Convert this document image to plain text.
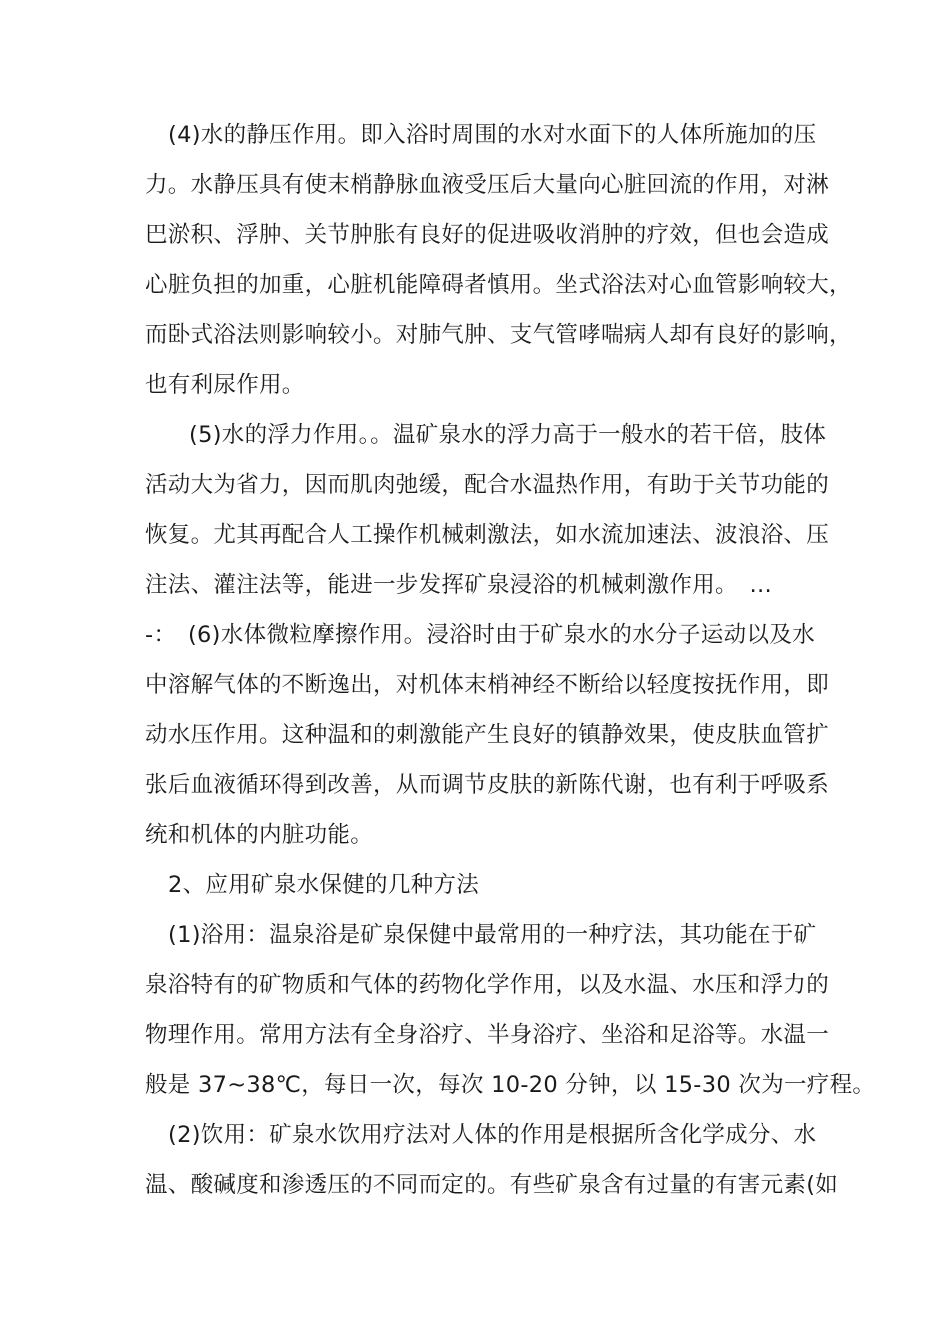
(4)水的静压作用。即入浴时周围的水对水面下的人体所施加的压
力。水静压具有使末梢静脉血液受压后大量向心脏回流的作用，对淋
巴淤积、浮肿、关节肿胀有良好的促进吸收消肿的疗效，但也会造成
心脏负担的加重，心脏机能障碍者慎用。坐式浴法对心血管影响较大，
而卧式浴法则影响较小。对肺气肿、支气管哮喘病人却有良好的影响，
也有利尿作用。
(5)水的浮力作用。。温矿泉水的浮力高于一般水的若干倍，肢体
活动大为省力，因而肌肉弛缓，配合水温热作用，有助于关节功能的
恢复。尤其再配合人工操作机械刺激法，如水流加速法、波浪浴、压
注法、灌注法等，能进一步发挥矿泉浸浴的机械刺激作用。　…
-：　(6)水体微粒摩擦作用。浸浴时由于矿泉水的水分子运动以及水
中溶解气体的不断逸出，对机体末梢神经不断给以轻度按抚作用，即
动水压作用。这种温和的刺激能产生良好的镇静效果，使皮肤血管扩
张后血液循环得到改善，从而调节皮肤的新陈代谢，也有利于呼吸系
统和机体的内脏功能。
2、应用矿泉水保健的几种方法
(1)浴用：温泉浴是矿泉保健中最常用的一种疗法，其功能在于矿
泉浴特有的矿物质和气体的药物化学作用，以及水温、水压和浮力的
物理作用。常用方法有全身浴疗、半身浴疗、坐浴和足浴等。水温一
般是 37~38℃，每日一次，每次 10-20 分钟，以 15-30 次为一疗程。
(2)饮用：矿泉水饮用疗法对人体的作用是根据所含化学成分、水
温、酸碱度和渗透压的不同而定的。有些矿泉含有过量的有害元素(如
